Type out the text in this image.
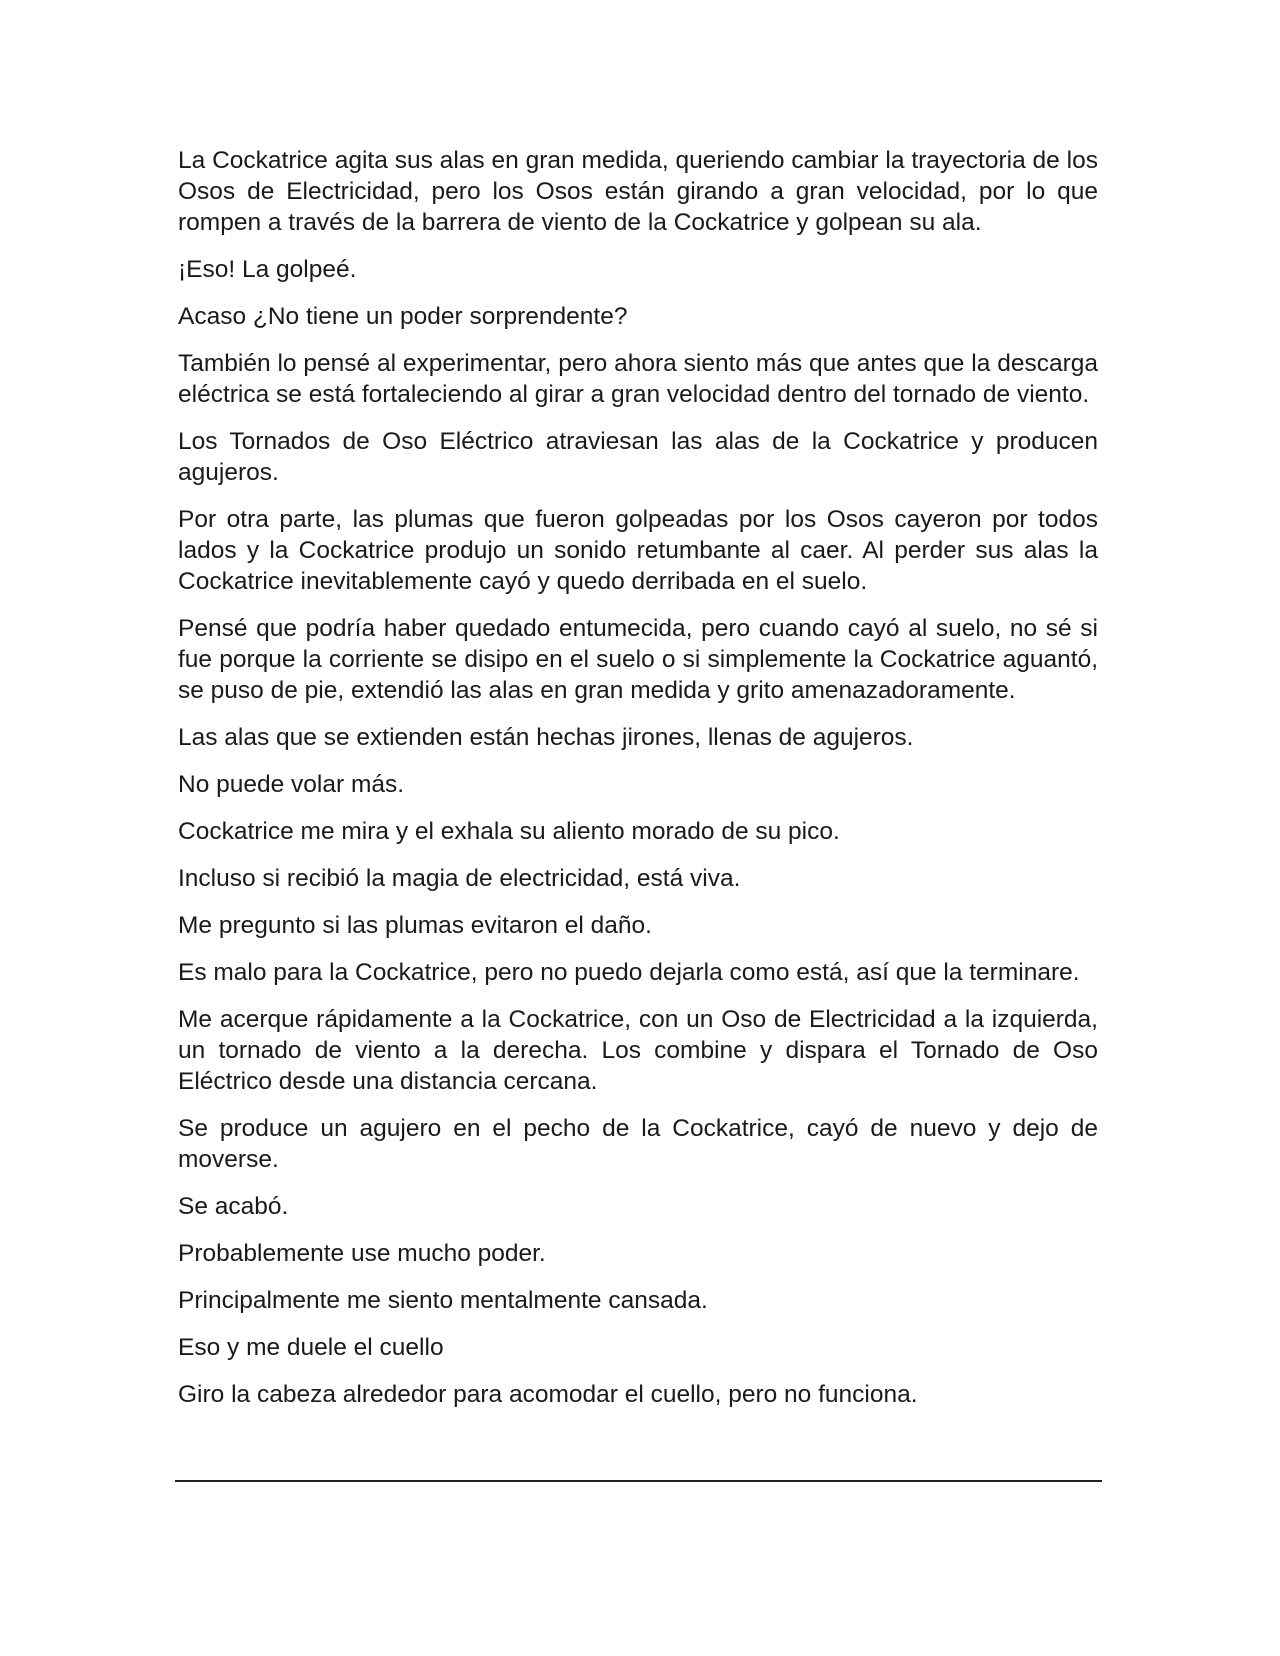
La Cockatrice agita sus alas en gran medida, queriendo cambiar la trayectoria de los Osos de Electricidad, pero los Osos están girando a gran velocidad, por lo que rompen a través de la barrera de viento de la Cockatrice y golpean su ala.

¡Eso! La golpeé.

Acaso ¿No tiene un poder sorprendente?

También lo pensé al experimentar, pero ahora siento más que antes que la descarga eléctrica se está fortaleciendo al girar a gran velocidad dentro del tornado de viento.

Los Tornados de Oso Eléctrico atraviesan las alas de la Cockatrice y producen agujeros.

Por otra parte, las plumas que fueron golpeadas por los Osos cayeron por todos lados y la Cockatrice produjo un sonido retumbante al caer. Al perder sus alas la Cockatrice inevitablemente cayó y quedo derribada en el suelo.

Pensé que podría haber quedado entumecida, pero cuando cayó al suelo, no sé si fue porque la corriente se disipo en el suelo o si simplemente la Cockatrice aguantó, se puso de pie, extendió las alas en gran medida y grito amenazadoramente.

Las alas que se extienden están hechas jirones, llenas de agujeros.

No puede volar más.

Cockatrice me mira y el exhala su aliento morado de su pico.

Incluso si recibió la magia de electricidad, está viva.

Me pregunto si las plumas evitaron el daño.

Es malo para la Cockatrice, pero no puedo dejarla como está, así que la terminare.

Me acerque rápidamente a la Cockatrice, con un Oso de Electricidad a la izquierda, un tornado de viento a la derecha. Los combine y dispara el Tornado de Oso Eléctrico desde una distancia cercana.

Se produce un agujero en el pecho de la Cockatrice, cayó de nuevo y dejo de moverse.

Se acabó.

Probablemente use mucho poder.

Principalmente me siento mentalmente cansada.

Eso y me duele el cuello

Giro la cabeza alrededor para acomodar el cuello, pero no funciona.
